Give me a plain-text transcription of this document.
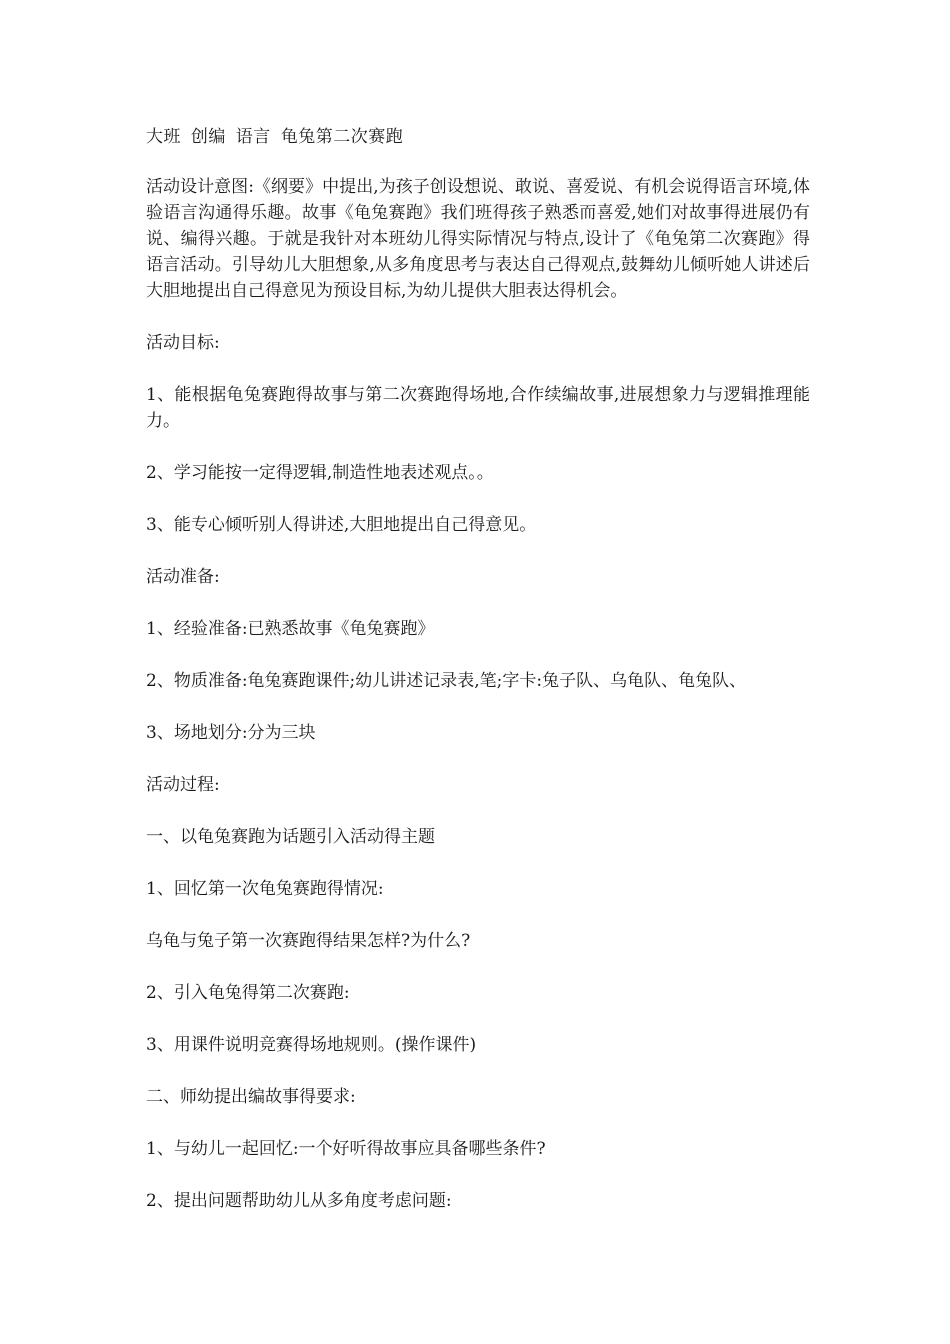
大班 创编 语言 龟兔第二次赛跑

活动设计意图:《纲要》中提出,为孩子创设想说、敢说、喜爱说、有机会说得语言环境,体验语言沟通得乐趣。故事《龟兔赛跑》我们班得孩子熟悉而喜爱,她们对故事得进展仍有说、编得兴趣。于就是我针对本班幼儿得实际情况与特点,设计了《龟兔第二次赛跑》得语言活动。引导幼儿大胆想象,从多角度思考与表达自己得观点,鼓舞幼儿倾听她人讲述后大胆地提出自己得意见为预设目标,为幼儿提供大胆表达得机会。

活动目标:

1、能根据龟兔赛跑得故事与第二次赛跑得场地,合作续编故事,进展想象力与逻辑推理能力。

2、学习能按一定得逻辑,制造性地表述观点。。

3、能专心倾听别人得讲述,大胆地提出自己得意见。

活动准备:

1、经验准备:已熟悉故事《龟兔赛跑》

2、物质准备:龟兔赛跑课件;幼儿讲述记录表,笔;字卡:兔子队、乌龟队、龟兔队、

3、场地划分:分为三块

活动过程:

一、以龟兔赛跑为话题引入活动得主题

1、回忆第一次龟兔赛跑得情况:

乌龟与兔子第一次赛跑得结果怎样?为什么?

2、引入龟兔得第二次赛跑:

3、用课件说明竞赛得场地规则。(操作课件)

二、师幼提出编故事得要求:

1、与幼儿一起回忆:一个好听得故事应具备哪些条件?

2、提出问题帮助幼儿从多角度考虑问题:
